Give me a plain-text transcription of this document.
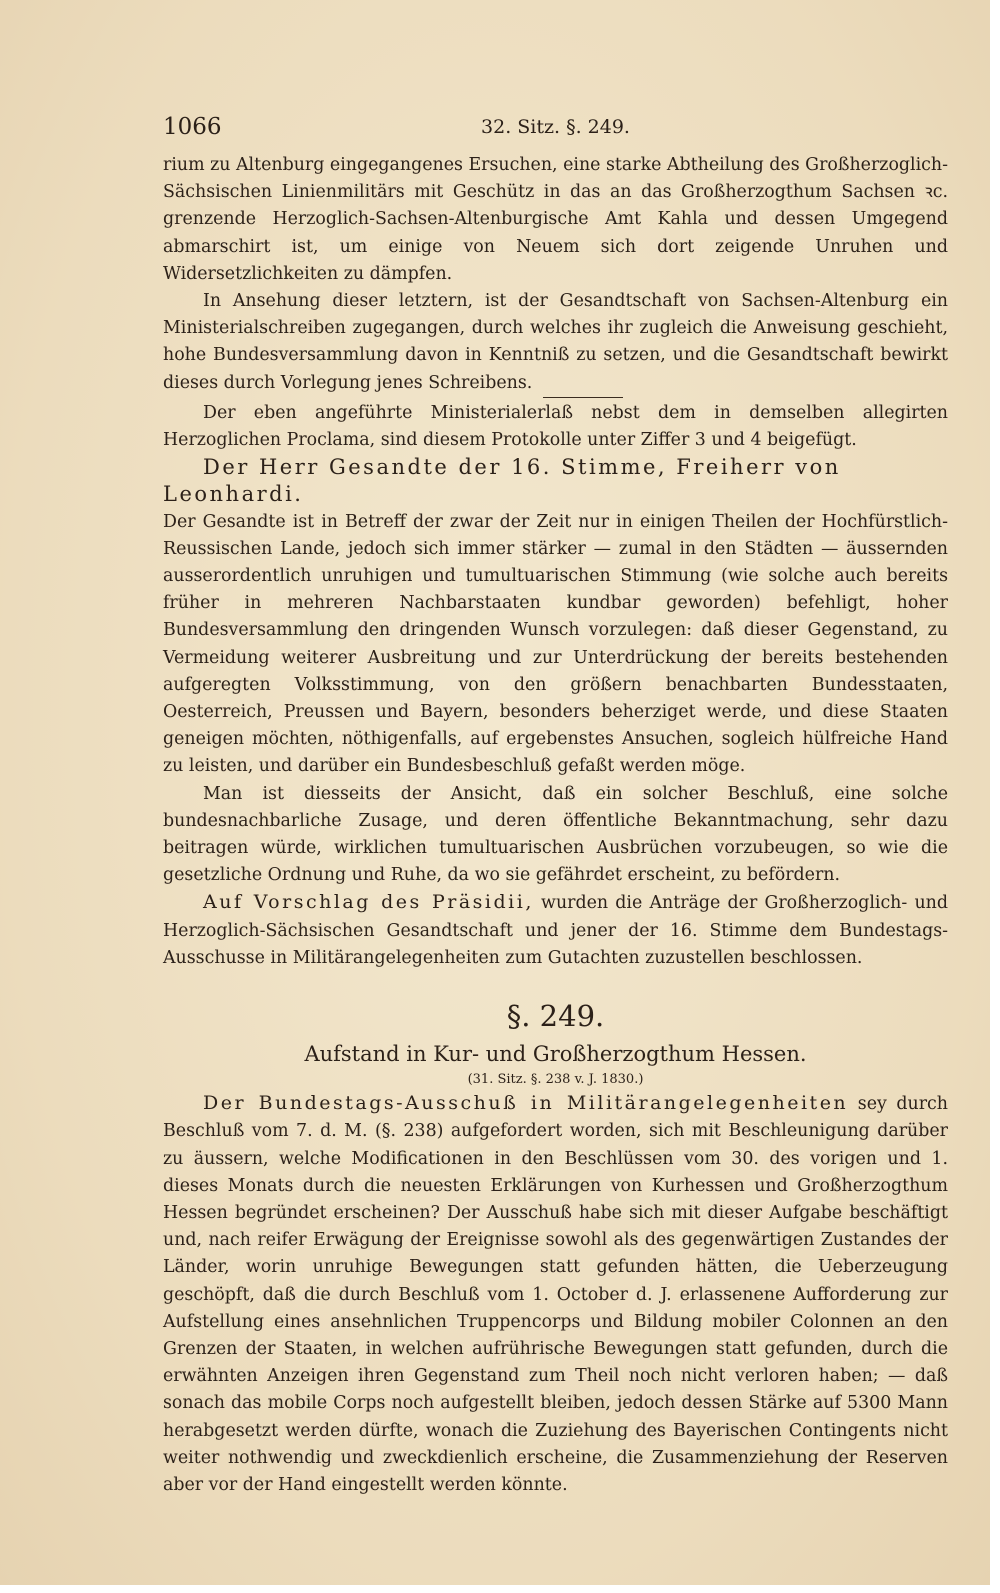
1066	32. Sitz. §. 249.

rium zu Altenburg eingegangenes Ersuchen, eine starke Abtheilung des Großherzoglich-Sächsischen Linienmilitärs mit Geschütz in das an das Großherzogthum Sachsen ꝛc. grenzende Herzoglich-Sachsen-Altenburgische Amt Kahla und dessen Umgegend abmarschirt ist, um einige von Neuem sich dort zeigende Unruhen und Widersetzlichkeiten zu dämpfen.

In Ansehung dieser letztern, ist der Gesandtschaft von Sachsen-Altenburg ein Ministerialschreiben zugegangen, durch welches ihr zugleich die Anweisung geschieht, hohe Bundesversammlung davon in Kenntniß zu setzen, und die Gesandtschaft bewirkt dieses durch Vorlegung jenes Schreibens.

Der eben angeführte Ministerialerlaß nebst dem in demselben allegirten Herzoglichen Proclama, sind diesem Protokolle unter Ziffer 3 und 4 beigefügt.

Der Herr Gesandte der 16. Stimme, Freiherr von Leonhardi.

Der Gesandte ist in Betreff der zwar der Zeit nur in einigen Theilen der Hochfürstlich-Reussischen Lande, jedoch sich immer stärker — zumal in den Städten — äussernden ausserordentlich unruhigen und tumultuarischen Stimmung (wie solche auch bereits früher in mehreren Nachbarstaaten kundbar geworden) befehligt, hoher Bundesversammlung den dringenden Wunsch vorzulegen: daß dieser Gegenstand, zu Vermeidung weiterer Ausbreitung und zur Unterdrückung der bereits bestehenden aufgeregten Volksstimmung, von den größern benachbarten Bundesstaaten, Oesterreich, Preussen und Bayern, besonders beherziget werde, und diese Staaten geneigen möchten, nöthigenfalls, auf ergebenstes Ansuchen, sogleich hülfreiche Hand zu leisten, und darüber ein Bundesbeschluß gefaßt werden möge.

Man ist diesseits der Ansicht, daß ein solcher Beschluß, eine solche bundesnachbarliche Zusage, und deren öffentliche Bekanntmachung, sehr dazu beitragen würde, wirklichen tumultuarischen Ausbrüchen vorzubeugen, so wie die gesetzliche Ordnung und Ruhe, da wo sie gefährdet erscheint, zu befördern.

Auf Vorschlag des Präsidii, wurden die Anträge der Großherzoglich- und Herzoglich-Sächsischen Gesandtschaft und jener der 16. Stimme dem Bundestags-Ausschusse in Militärangelegenheiten zum Gutachten zuzustellen beschlossen.

§. 249.
Aufstand in Kur- und Großherzogthum Hessen.
(31. Sitz. §. 238 v. J. 1830.)

Der Bundestags-Ausschuß in Militärangelegenheiten sey durch Beschluß vom 7. d. M. (§. 238) aufgefordert worden, sich mit Beschleunigung darüber zu äussern, welche Modificationen in den Beschlüssen vom 30. des vorigen und 1. dieses Monats durch die neuesten Erklärungen von Kurhessen und Großherzogthum Hessen begründet erscheinen? Der Ausschuß habe sich mit dieser Aufgabe beschäftigt und, nach reifer Erwägung der Ereignisse sowohl als des gegenwärtigen Zustandes der Länder, worin unruhige Bewegungen statt gefunden hätten, die Ueberzeugung geschöpft, daß die durch Beschluß vom 1. October d. J. erlassenene Aufforderung zur Aufstellung eines ansehnlichen Truppencorps und Bildung mobiler Colonnen an den Grenzen der Staaten, in welchen aufrührische Bewegungen statt gefunden, durch die erwähnten Anzeigen ihren Gegenstand zum Theil noch nicht verloren haben; — daß sonach das mobile Corps noch aufgestellt bleiben, jedoch dessen Stärke auf 5300 Mann herabgesetzt werden dürfte, wonach die Zuziehung des Bayerischen Contingents nicht weiter nothwendig und zweckdienlich erscheine, die Zusammenziehung der Reserven aber vor der Hand eingestellt werden könnte.
